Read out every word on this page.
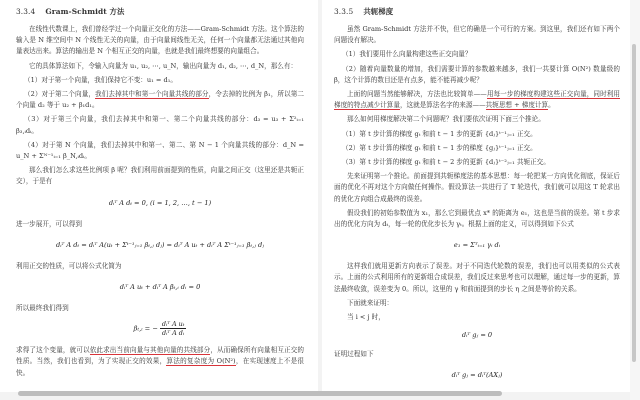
3.3.4 Gram-Schmidt 方法

在线性代数课上，我们曾经学过一个向量正交化的方法——Gram-Schmidt 方法。这个算法的输入是 N 维空间中 N 个线性无关的向量，由于向量间线性无关，任何一个向量都无法通过其他向量表达出来。算法的输出是 N 个相互正交的向量，也就是我们最终想要的向量组合。

它的具体算法如下，令输入向量为 u₁, u₂, ⋯, u_N，输出向量为 d₁, d₂, ⋯, d_N，那么有：

（1）对于第一个向量，我们保持它不变：u₁ = d₁。

（2）对于第二个向量，我们去掉其中和第一个向量共线的部分，令去掉的比例为 β₁，所以第二个向量 d₂ 等于 u₂ + β₁d₁。

（3）对于第三个向量，我们去掉其中和第一、第二个向量共线的部分：d₃ = u₃ + Σ²ᵢ₌₁ β₃,ᵢdᵢ。

（4）对于第 N 个向量，我们去掉其中和第一、第二、第 N − 1 个向量共线的部分：d_N = u_N + Σᴺ⁻¹ᵢ₌₁ β_N,ᵢdᵢ。

那么我们怎么求这些比例项 β 呢？我们利用前面提到的性质，向量之间正交（这里还是共轭正交），于是有

dᵢᵀ A dₜ = 0, (i = 1, 2, …, t − 1)

进一步展开，可以得到

dᵢᵀ A dₜ = dᵢᵀ A(uₜ + Σᵗ⁻¹ⱼ₌₁ βₜ,ⱼ dⱼ) = dᵢᵀ A uₜ + dᵢᵀ A Σᵗ⁻¹ⱼ₌₁ βₜ,ⱼ dⱼ

利用正交的性质，可以将公式化简为

dᵢᵀ A uₜ + dᵢᵀ A βₜ,ᵢ dᵢ = 0

所以最终我们得到

βₜ,ᵢ = − $\frac{\text{dᵢᵀ A uₜ}}{\text{dᵢᵀ A dᵢ}}$

求得了这个变量，就可以依此求出当前向量与其他向量的共线部分，从而确保所有向量相互正交的性质。当然，我们也看到，为了实现正交的效果，算法的复杂度为 O(N²)，在实现速度上不是很快。

3.3.5 共轭梯度

虽然 Gram-Schmidt 方法并不快，但它的确是一个可行的方案。到这里，我们还有如下两个问题没有解决。

（1）我们要用什么向量构建这些正交向量？

（2）随着向量数量的增加，我们需要计算的参数越来越多，我们一共要计算 O(N²) 数量级的 β，这个计算的数目还是有点多，能不能再减少呢？

上面的问题当然能够解决，方法也比较简单——用每一步的梯度构建这些正交向量，同时利用梯度的特点减少计算量，这就是算法名字的来源——共轭思想 + 梯度计算。

那么如何用梯度解决第二个问题呢？我们要依次证明下面三个推论。

（1）第 t 步计算的梯度 gₜ 和前 t − 1 步的更新 {dⱼ}ᵗ⁻¹ⱼ₌₁ 正交。

（2）第 t 步计算的梯度 gₜ 和前 t − 1 步的梯度 {gⱼ}ᵗ⁻¹ⱼ₌₁ 正交。

（3）第 t 步计算的梯度 gₜ 和前 t − 2 步的更新 {dⱼ}ᵗ⁻²ⱼ₌₁ 共轭正交。

先来证明第一个推论。前面提到共轭梯度法的基本思想：每一轮把某一方向优化彻底，保证后面的优化不再对这个方向做任何操作。假设算法一共进行了 T 轮迭代，我们就可以用这 T 轮求出的优化方向组合成最终的误差。

假设我们的初始参数值为 x₁，那么它到最优点 x* 的距离为 e₁，这也是当前的误差。第 t 步求出的优化方向为 dₜ，每一轮的优化步长为 γₜ。根据上面的定义，可以得到如下公式

e₁ = Σᵀᵢ₌₁ γᵢ dᵢ

这样我们就用更新方向表示了误差。对于不同迭代轮数的误差，我们也可以用类似的公式表示。上面的公式利用所有的更新组合成误差，我们反过来思考也可以理解，通过每一步的更新，算法最终收敛，误差变为 0。所以，这里的 γ 和前面提到的步长 η 之间是等价的关系。

下面就来证明：

当 i < j 时，

dᵢᵀ gⱼ = 0

证明过程如下

dᵢᵀ gⱼ = dᵢᵀ(AXⱼ)
